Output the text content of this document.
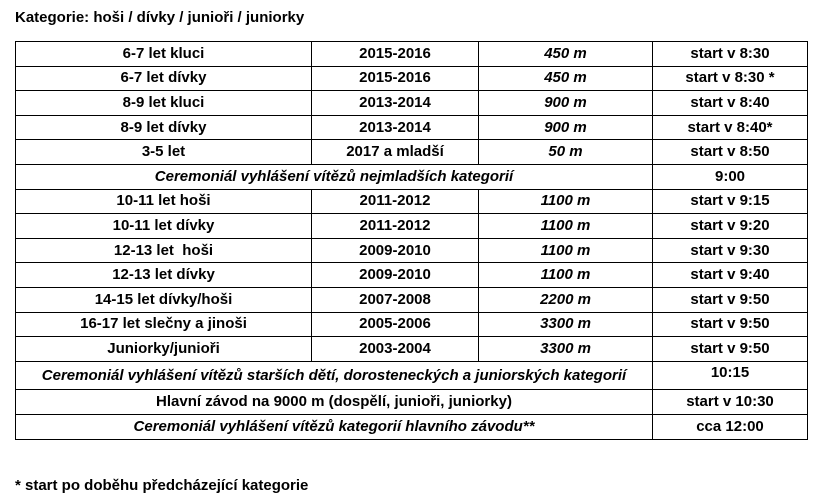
Kategorie: hoši / dívky / junioři / juniorky
6-7 let kluci	2015-2016	450 m	start v 8:30
6-7 let dívky	2015-2016	450 m	start v 8:30 *
8-9 let kluci	2013-2014	900 m	start v 8:40
8-9 let dívky	2013-2014	900 m	start v 8:40*
3-5 let	2017 a mladší	50 m	start v 8:50
Ceremoniál vyhlášení vítězů nejmladších kategorií			9:00
10-11 let hoši	2011-2012	1100 m	start v 9:15
10-11 let dívky	2011-2012	1100 m	start v 9:20
12-13 let  hoši	2009-2010	1100 m	start v 9:30
12-13 let dívky	2009-2010	1100 m	start v 9:40
14-15 let dívky/hoši	2007-2008	2200 m	start v 9:50
16-17 let slečny a jinoši	2005-2006	3300 m	start v 9:50
Juniorky/junioři	2003-2004	3300 m	start v 9:50
Ceremoniál vyhlášení vítězů starších dětí, dorosteneckých a juniorských kategorií			10:15
Hlavní závod na 9000 m (dospělí, junioři, juniorky)			start v 10:30
Ceremoniál vyhlášení vítězů kategorií hlavního závodu**			cca 12:00
* start po doběhu předcházející kategorie
